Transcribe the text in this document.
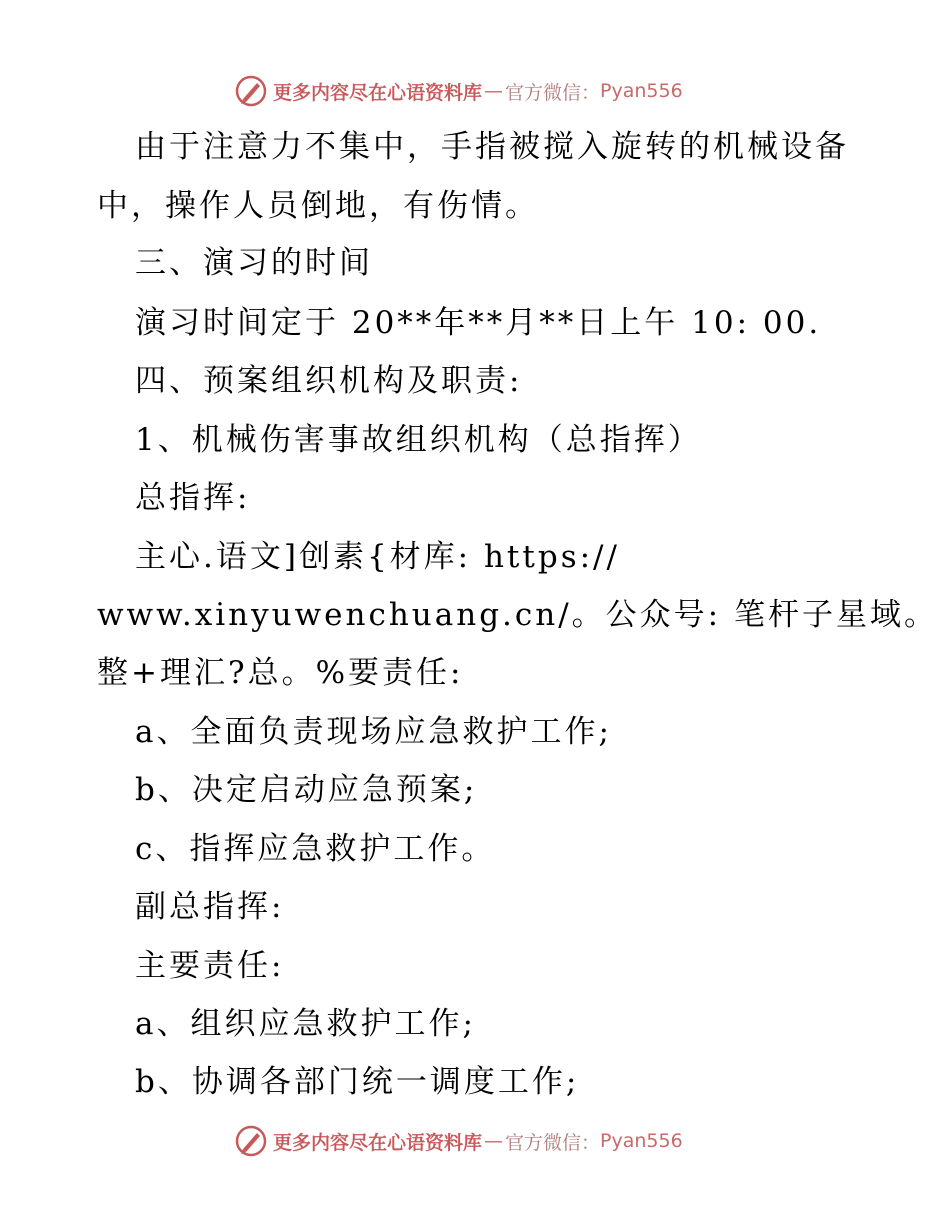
更多内容尽在心语资料库 — 官方微信： Pyan556
由于注意力不集中，手指被搅入旋转的机械设备
中，操作人员倒地，有伤情。
三、演习的时间
演习时间定于 20**年**月**日上午 10: 00.
四、预案组织机构及职责:
1、机械伤害事故组织机构（总指挥）
总指挥:
主心.语文]创素{材库: https://
www.xinyuwenchuang.cn/。公众号: 笔杆子星域。
整+理汇?总。%要责任:
a、全面负责现场应急救护工作;
b、决定启动应急预案;
c、指挥应急救护工作。
副总指挥:
主要责任:
a、组织应急救护工作;
b、协调各部门统一调度工作;
更多内容尽在心语资料库 — 官方微信： Pyan556
